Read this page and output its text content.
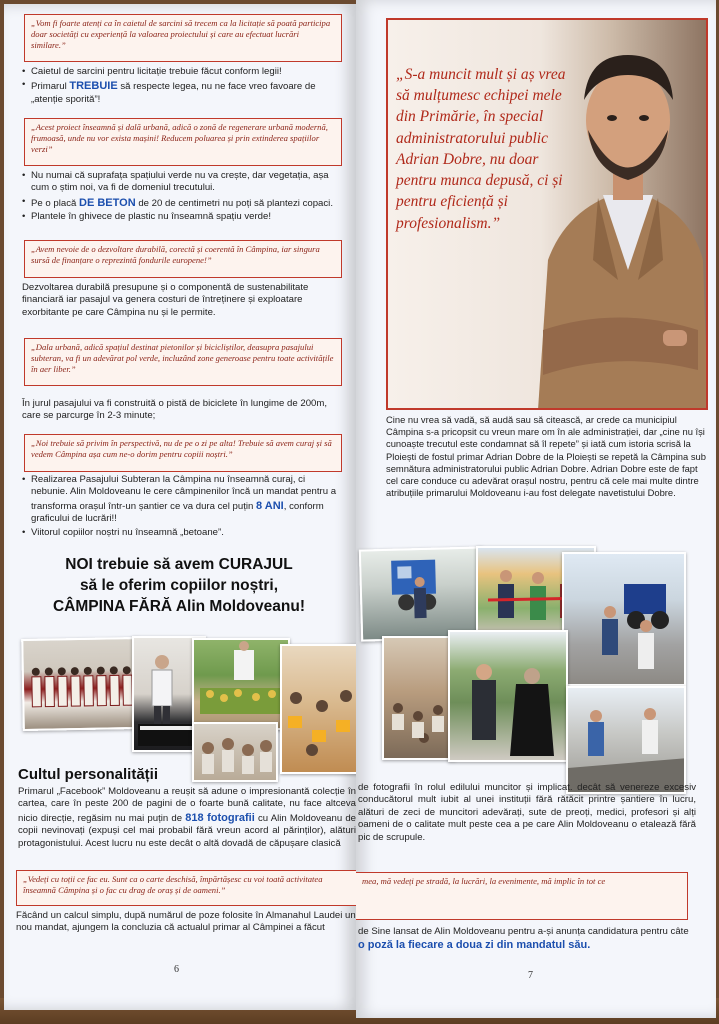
„Vom fi foarte atenți ca în caietul de sarcini să trecem ca la licitație să poată participa doar societăți cu experiență la valoarea proiectului și care au efectuat lucrări similare.”
• Caietul de sarcini pentru licitație trebuie făcut conform legii!
• Primarul TREBUIE să respecte legea, nu ne face vreo favoare de „atenție sporită”!
„Acest proiect înseamnă și dală urbană, adică o zonă de regenerare urbană modernă, frumoasă, unde nu vor exista mașini! Reducem poluarea și prin extinderea spațiilor verzi”
• Nu numai că suprafața spațiului verde nu va crește, dar vegetația, așa cum o știm noi, va fi de domeniul trecutului.
• Pe o placă DE BETON de 20 de centimetri nu poți să plantezi copaci.
• Plantele în ghivece de plastic nu înseamnă spațiu verde!
„Avem nevoie de o dezvoltare durabilă, corectă și coerentă în Câmpina, iar singura sursă de finanțare o reprezintă fondurile europene!”
Dezvoltarea durabilă presupune și o componentă de sustenabilitate financiară iar pasajul va genera costuri de întreținere și exploatare exorbitante pe care Câmpina nu și le permite.
„Dala urbană, adică spațiul destinat pietonilor și bicicliștilor, deasupra pasajului subteran, va fi un adevărat pol verde, incluzând zone generoase pentru toate activitățile în aer liber.”
În jurul pasajului va fi construită o pistă de biciclete în lungime de 200m, care se parcurge în 2-3 minute;
„Noi trebuie să privim în perspectivă, nu de pe o zi pe alta! Trebuie să avem curaj și să vedem Câmpina așa cum ne-o dorim pentru copiii noștri.”
• Realizarea Pasajului Subteran la Câmpina nu înseamnă curaj, ci nebunie. Alin Moldoveanu le cere câmpinenilor încă un mandat pentru a transforma orașul într-un șantier ce va dura cel puțin 8 ANI, conform graficului de lucrări!!
• Viitorul copiilor noștri nu înseamnă „betoane”.
NOI trebuie să avem CURAJUL
să le oferim copiilor noștri,
CÂMPINA FĂRĂ Alin Moldoveanu!
Cultul personalității
Primarul „Facebook” Moldoveanu a reușit să adune o impresionantă colecție în cartea, care în peste 200 de pagini de o foarte bună calitate, nu face altceva nicio direcție, regăsim nu mai puțin de 818 fotografii cu Alin Moldoveanu de copii nevinovați (expuși cel mai probabil fără vreun acord al părinților), alături protagonistului. Acest lucru nu este decât o altă dovadă de căpușare clasică
„Vedeți cu toții ce fac eu. Sunt ca o carte deschisă, împărtășesc cu voi toată activitatea înseamnă Câmpina și o fac cu drag de oraș și de oameni.”
Făcând un calcul simplu, după numărul de poze folosite în Almanahul Laudei un nou mandat, ajungem la concluzia că actualul primar al Câmpinei a făcut
6
„S-a muncit mult și aș vrea să mulțumesc echipei mele din Primărie, în special administratorului public Adrian Dobre, nu doar pentru munca depusă, ci și pentru eficiență și profesionalism.”
Cine nu vrea să vadă, să audă sau să citească, ar crede ca municipiul Câmpina s-a pricopsit cu vreun mare om în ale administrației, dar „cine nu își cunoaște trecutul este condamnat să îl repete” și iată cum istoria scrisă la Ploiești de fostul primar Adrian Dobre de la Ploiești se repetă la Câmpina sub semnătura administratorului public Adrian Dobre. Adrian Dobre este de fapt cel care conduce cu adevărat orașul nostru, pentru că cele mai multe dintre atribuțiile primarului Moldoveanu i-au fost delegate navetistului Dobre.
de fotografii în rolul edilului muncitor și implicat. decât să venereze excesiv conducătorul mult iubit al unei instituții fără rătăcit printre șantiere în lucru, alături de zeci de muncitori adevărați, sute de preoți, medici, profesori și alți oameni de o calitate mult peste cea a pe care Alin Moldoveanu o etalează fără pic de scrupule.
mea, mă vedeți pe stradă, la lucrări, la evenimente, mă implic în tot ce
de Sine lansat de Alin Moldoveanu pentru a-și anunța candidatura pentru câte o poză la fiecare a doua zi din mandatul său.
7
